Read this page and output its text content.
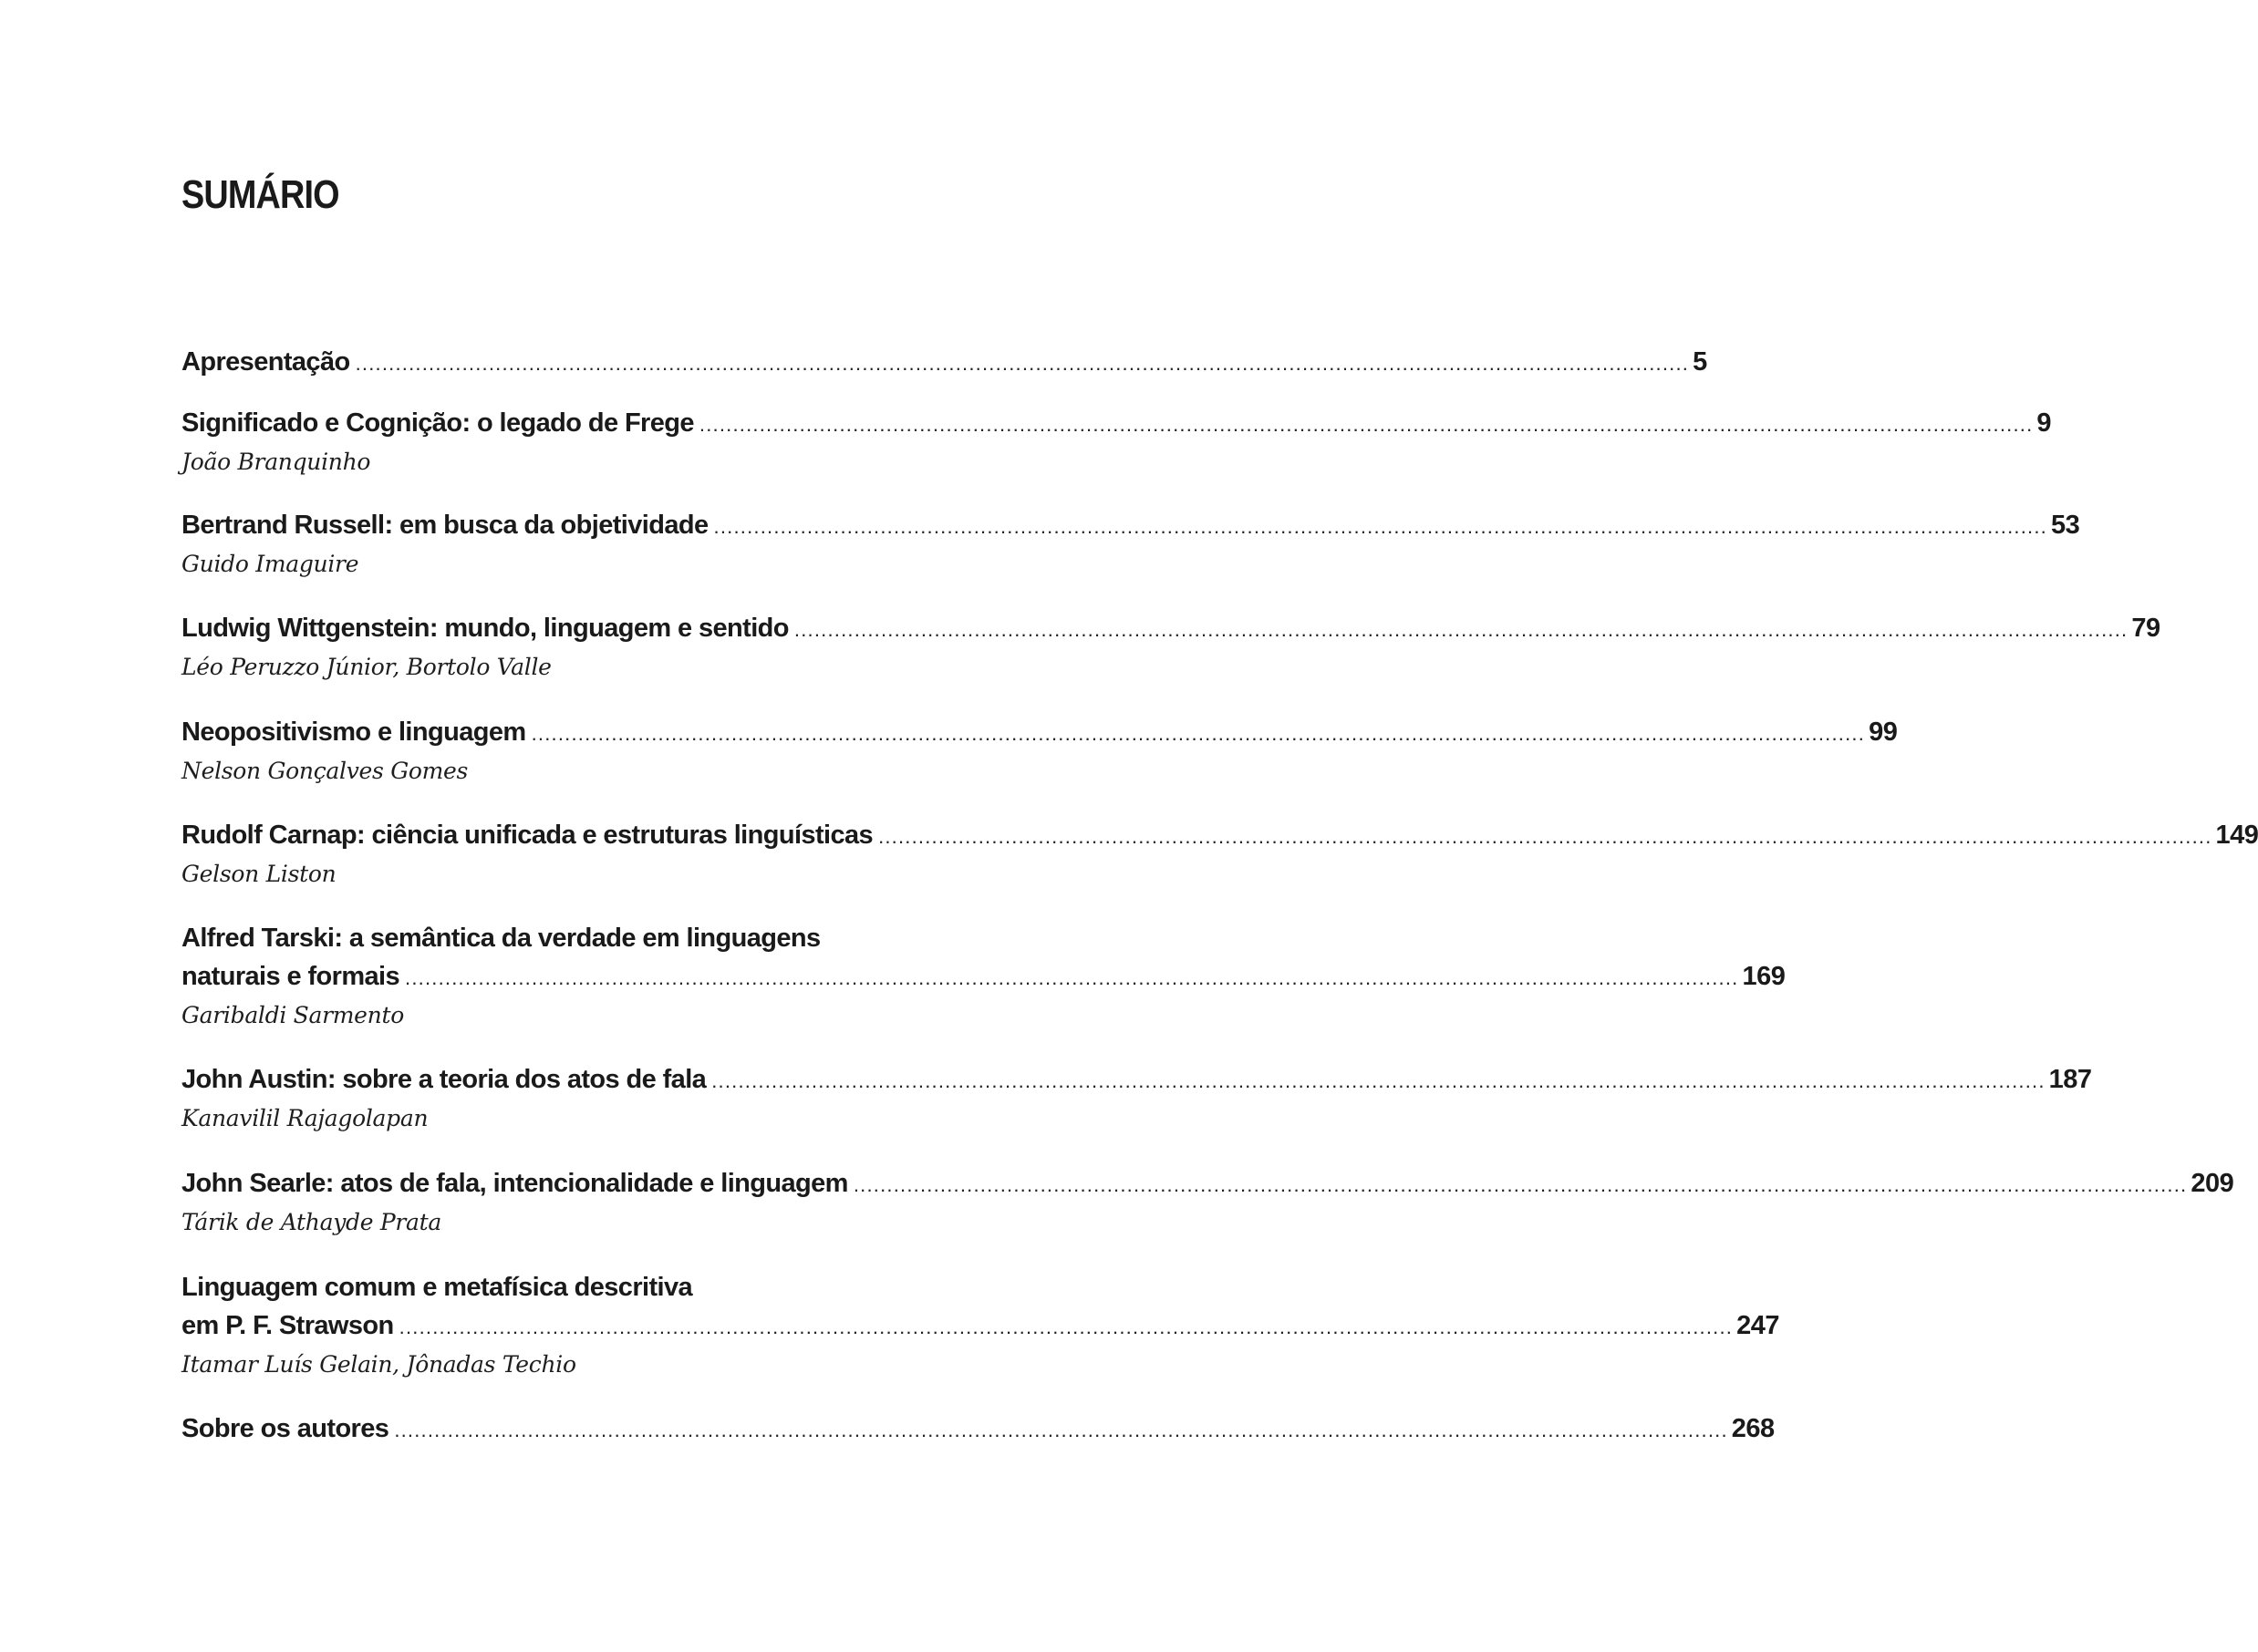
SUMÁRIO
Apresentação ........................................................................................................................................................................................................ 5
Significado e Cognição: o legado de Frege ........................................................................................................................................................................................................ 9
João Branquinho
Bertrand Russell: em busca da objetividade ........................................................................................................................................................................................................ 53
Guido Imaguire
Ludwig Wittgenstein: mundo, linguagem e sentido ........................................................................................................................................................................................................ 79
Léo Peruzzo Júnior, Bortolo Valle
Neopositivismo e linguagem ........................................................................................................................................................................................................ 99
Nelson Gonçalves Gomes
Rudolf Carnap: ciência unificada e estruturas linguísticas ........................................................................................................................................................................................................ 149
Gelson Liston
Alfred Tarski: a semântica da verdade em linguagens
naturais e formais ........................................................................................................................................................................................................ 169
Garibaldi Sarmento
John Austin: sobre a teoria dos atos de fala ........................................................................................................................................................................................................ 187
Kanavilil Rajagolapan
John Searle: atos de fala, intencionalidade e linguagem ........................................................................................................................................................................................................ 209
Tárik de Athayde Prata
Linguagem comum e metafísica descritiva
em P. F. Strawson ........................................................................................................................................................................................................ 247
Itamar Luís Gelain, Jônadas Techio
Sobre os autores ........................................................................................................................................................................................................ 268
